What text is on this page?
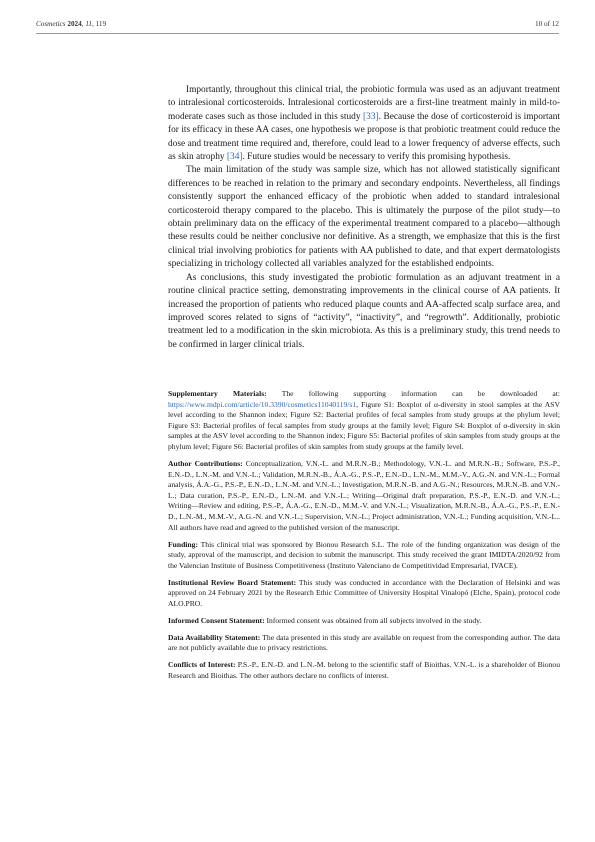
Cosmetics 2024, 11, 119	10 of 12

Importantly, throughout this clinical trial, the probiotic formula was used as an adjuvant treatment to intralesional corticosteroids. Intralesional corticosteroids are a first-line treatment mainly in mild-to-moderate cases such as those included in this study [33]. Because the dose of corticosteroid is important for its efficacy in these AA cases, one hypothesis we propose is that probiotic treatment could reduce the dose and treatment time required and, therefore, could lead to a lower frequency of adverse effects, such as skin atrophy [34]. Future studies would be necessary to verify this promising hypothesis.

The main limitation of the study was sample size, which has not allowed statistically significant differences to be reached in relation to the primary and secondary endpoints. Nevertheless, all findings consistently support the enhanced efficacy of the probiotic when added to standard intralesional corticosteroid therapy compared to the placebo. This is ultimately the purpose of the pilot study—to obtain preliminary data on the efficacy of the experimental treatment compared to a placebo—although these results could be neither conclusive nor definitive. As a strength, we emphasize that this is the first clinical trial involving probiotics for patients with AA published to date, and that expert dermatologists specializing in trichology collected all variables analyzed for the established endpoints.

As conclusions, this study investigated the probiotic formulation as an adjuvant treatment in a routine clinical practice setting, demonstrating improvements in the clinical course of AA patients. It increased the proportion of patients who reduced plaque counts and AA-affected scalp surface area, and improved scores related to signs of “activity”, “inactivity”, and “regrowth”. Additionally, probiotic treatment led to a modification in the skin microbiota. As this is a preliminary study, this trend needs to be confirmed in larger clinical trials.

Supplementary Materials: The following supporting information can be downloaded at: https://www.mdpi.com/article/10.3390/cosmetics11040119/s1, Figure S1: Boxplot of α-diversity in stool samples at the ASV level according to the Shannon index; Figure S2: Bacterial profiles of fecal samples from study groups at the phylum level; Figure S3: Bacterial profiles of fecal samples from study groups at the family level; Figure S4: Boxplot of α-diversity in skin samples at the ASV level according to the Shannon index; Figure S5: Bacterial profiles of skin samples from study groups at the phylum level; Figure S6: Bacterial profiles of skin samples from study groups at the family level.

Author Contributions: Conceptualization, V.N.-L. and M.R.N.-B.; Methodology, V.N.-L. and M.R.N.-B.; Software, P.S.-P., E.N.-D., L.N.-M. and V.N.-L.; Validation, M.R.N.-B., Á.A.-G., P.S.-P., E.N.-D., L.N.-M., M.M.-V., A.G.-N. and V.N.-L.; Formal analysis, Á.A.-G., P.S.-P., E.N.-D., L.N.-M. and V.N.-L.; Investigation, M.R.N.-B. and A.G.-N.; Resources, M.R.N.-B. and V.N.-L.; Data curation, P.S.-P., E.N.-D., L.N.-M. and V.N.-L.; Writing—Original draft preparation, P.S.-P., E.N.-D. and V.N.-L.; Writing—Review and editing, P.S.-P., Á.A.-G., E.N.-D., M.M.-V. and V.N.-L.; Visualization, M.R.N.-B., Á.A.-G., P.S.-P., E.N.-D., L.N.-M., M.M.-V., A.G.-N. and V.N.-L.; Supervision, V.N.-L.; Project administration, V.N.-L.; Funding acquisition, V.N.-L.. All authors have read and agreed to the published version of the manuscript.

Funding: This clinical trial was sponsored by Bionou Research S.L. The role of the funding organization was design of the study, approval of the manuscript, and decision to submit the manuscript. This study received the grant IMIDTA/2020/92 from the Valencian Institute of Business Competitiveness (Instituto Valenciano de Competitividad Empresarial, IVACE).

Institutional Review Board Statement: This study was conducted in accordance with the Declaration of Helsinki and was approved on 24 February 2021 by the Research Ethic Committee of University Hospital Vinalopó (Elche, Spain), protocol code ALO.PRO.

Informed Consent Statement: Informed consent was obtained from all subjects involved in the study.

Data Availability Statement: The data presented in this study are available on request from the corresponding author. The data are not publicly available due to privacy restrictions.

Conflicts of Interest: P.S.-P., E.N.-D. and L.N.-M. belong to the scientific staff of Bioithas. V.N.-L. is a shareholder of Bionou Research and Bioithas. The other authors declare no conflicts of interest.
